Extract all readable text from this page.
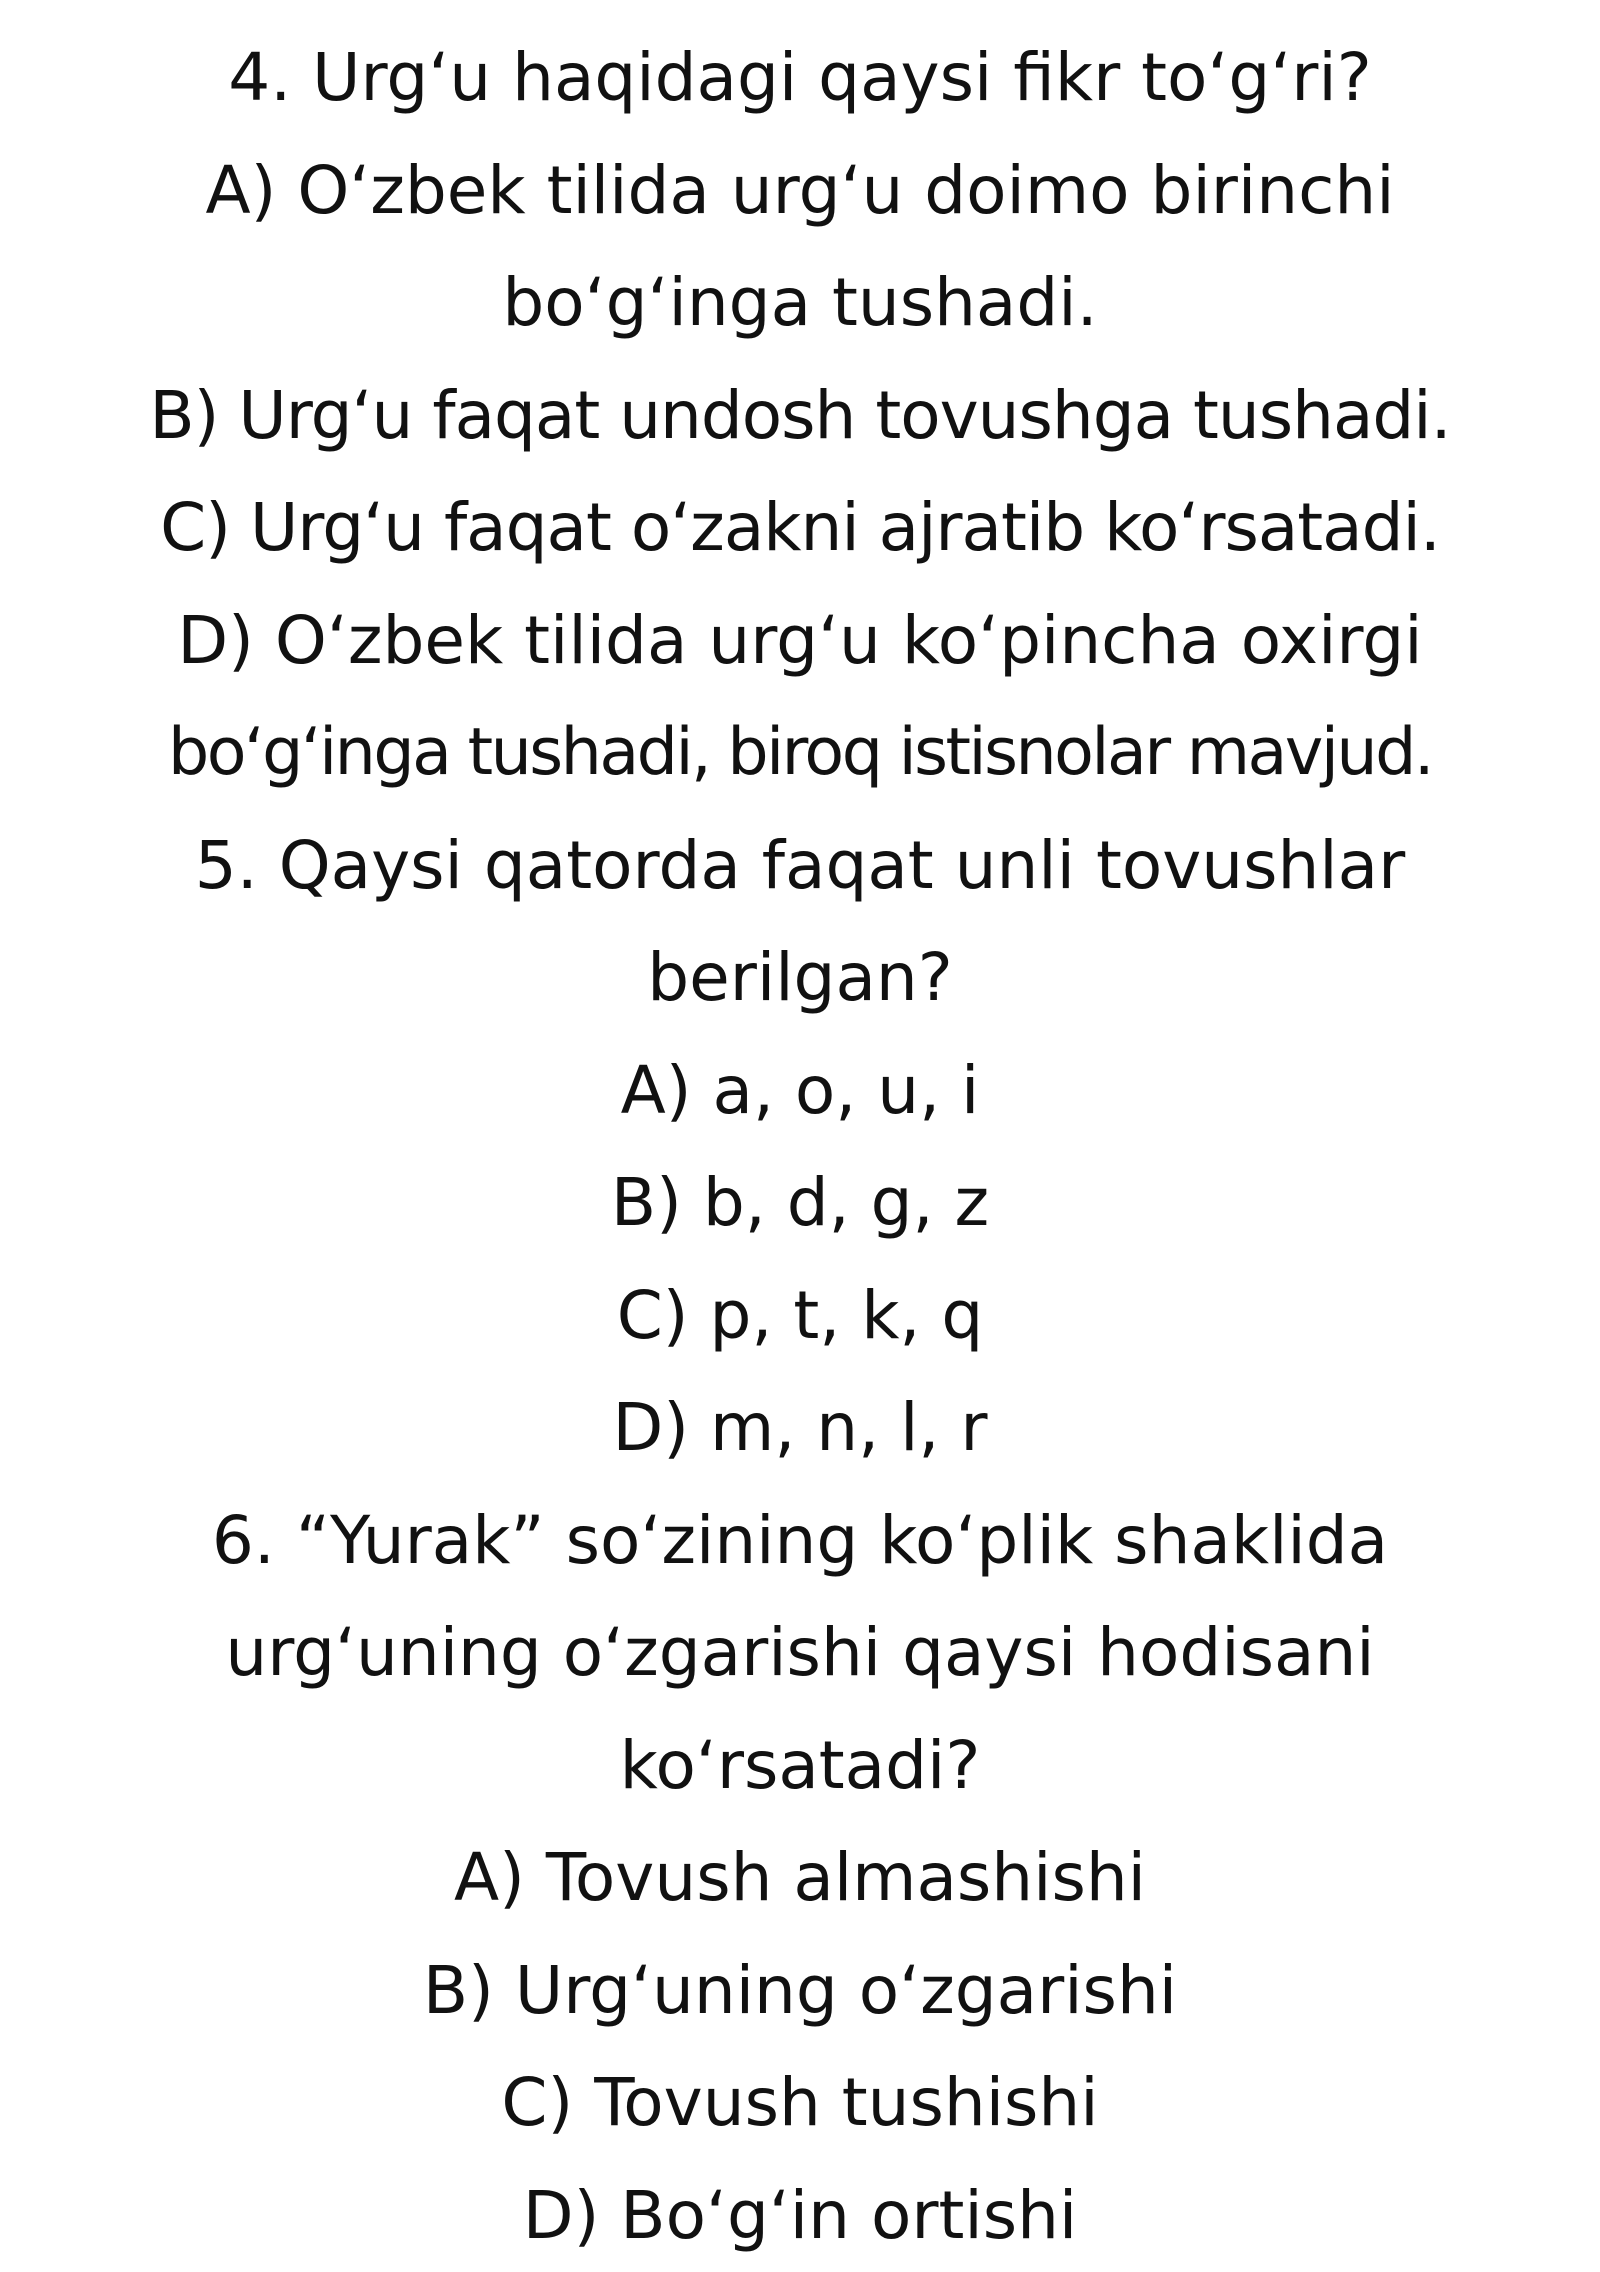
4. Urg‘u haqidagi qaysi fikr to‘g‘ri?
A) O‘zbek tilida urg‘u doimo birinchi
bo‘g‘inga tushadi.
B) Urg‘u faqat undosh tovushga tushadi.
C) Urg‘u faqat o‘zakni ajratib ko‘rsatadi.
D) O‘zbek tilida urg‘u ko‘pincha oxirgi
bo‘g‘inga tushadi, biroq istisnolar mavjud.
5. Qaysi qatorda faqat unli tovushlar
berilgan?
A) a, o, u, i
B) b, d, g, z
C) p, t, k, q
D) m, n, l, r
6. “Yurak” so‘zining ko‘plik shaklida
urg‘uning o‘zgarishi qaysi hodisani
ko‘rsatadi?
A) Tovush almashishi
B) Urg‘uning o‘zgarishi
C) Tovush tushishi
D) Bo‘g‘in ortishi
